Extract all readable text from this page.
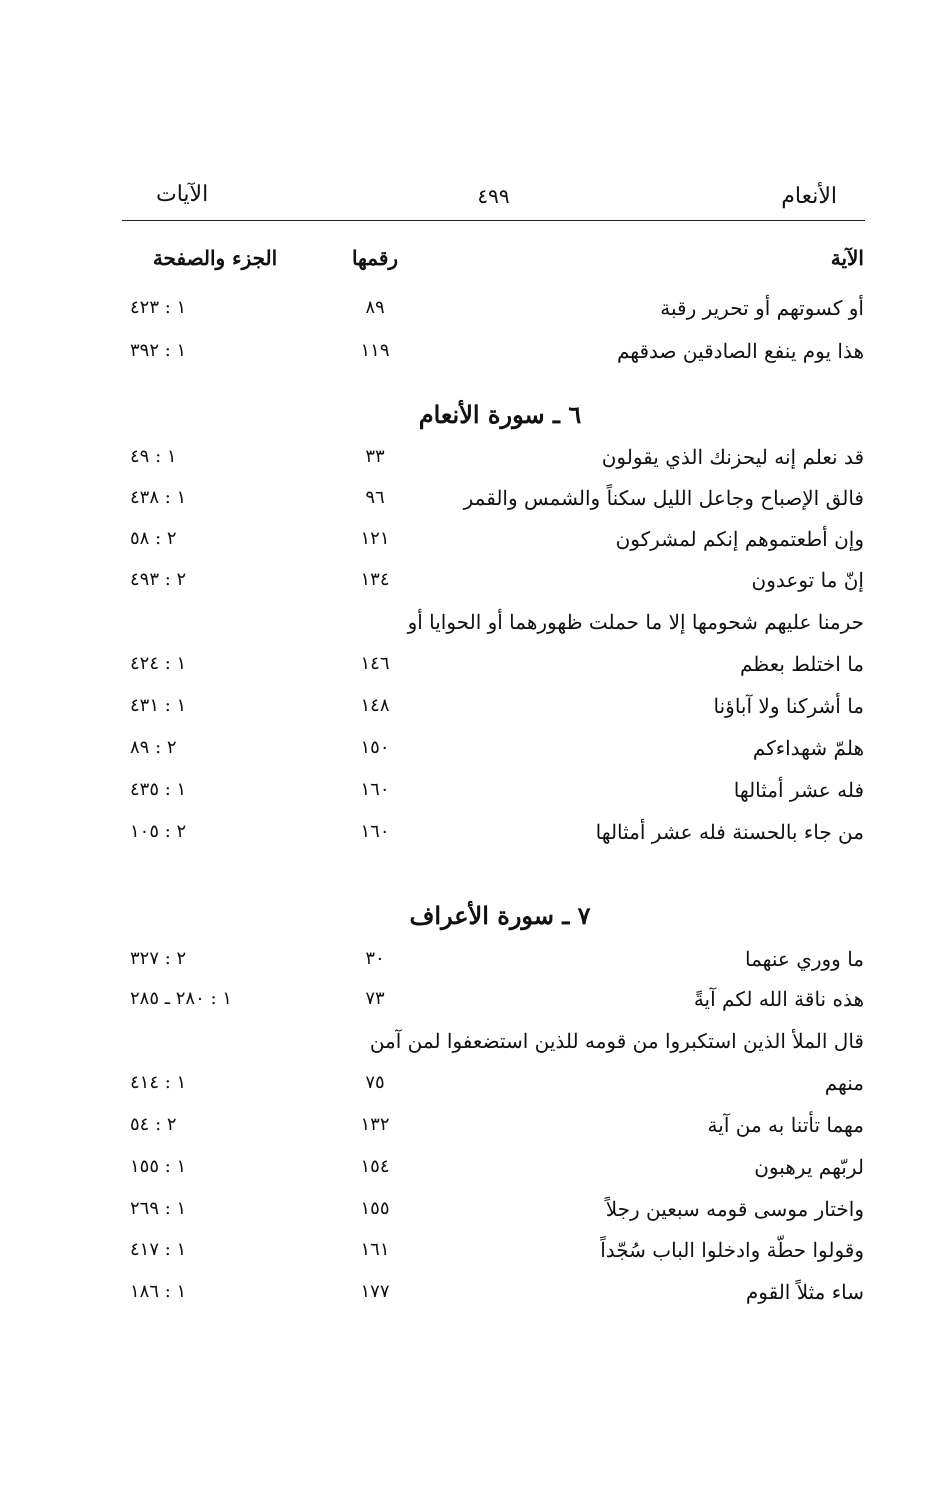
الأنعام
٤٩٩
الآيات
الآية
رقمها
الجزء والصفحة
أو كسوتهم أو تحرير رقبة
٨٩
١ : ٤٢٣
هذا يوم ينفع الصادقين صدقهم
١١٩
١ : ٣٩٢
٦ ـ سورة الأنعام
قد نعلم إنه ليحزنك الذي يقولون
٣٣
١ : ٤٩
فالق الإصباح وجاعل الليل سكناً والشمس والقمر
٩٦
١ : ٤٣٨
وإن أطعتموهم إنكم لمشركون
١٢١
٢ : ٥٨
إنّ ما توعدون
١٣٤
٢ : ٤٩٣
حرمنا عليهم شحومها إلا ما حملت ظهورهما أو الحوايا أو
ما اختلط بعظم
١٤٦
١ : ٤٢٤
ما أشركنا ولا آباؤنا
١٤٨
١ : ٤٣١
هلمّ شهداءكم
١٥٠
٢ : ٨٩
فله عشر أمثالها
١٦٠
١ : ٤٣٥
من جاء بالحسنة فله عشر أمثالها
١٦٠
٢ : ١٠٥
٧ ـ سورة الأعراف
ما ووري عنهما
٣٠
٢ : ٣٢٧
هذه ناقة الله لكم آيةً
٧٣
١ : ٢٨٠ ـ ٢٨٥
قال الملأ الذين استكبروا من قومه للذين استضعفوا لمن آمن
منهم
٧٥
١ : ٤١٤
مهما تأتنا به من آية
١٣٢
٢ : ٥٤
لربّهم يرهبون
١٥٤
١ : ١٥٥
واختار موسى قومه سبعين رجلاً
١٥٥
١ : ٢٦٩
وقولوا حطّة وادخلوا الباب سُجّداً
١٦١
١ : ٤١٧
ساء مثلاً القوم
١٧٧
١ : ١٨٦
